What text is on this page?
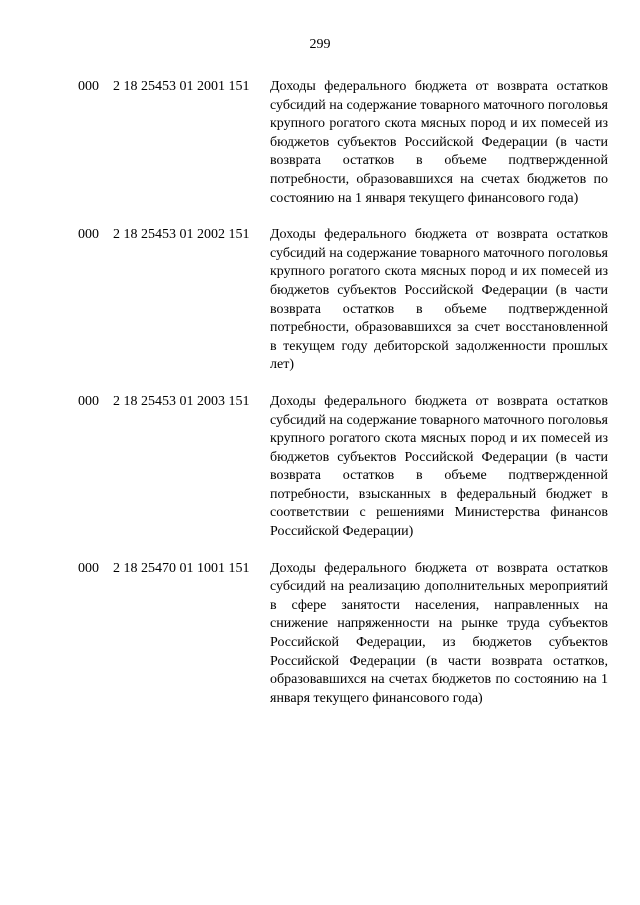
299
000 2 18 25453 01 2001 151 Доходы федерального бюджета от возврата остатков субсидий на содержание товарного маточного поголовья крупного рогатого скота мясных пород и их помесей из бюджетов субъектов Российской Федерации (в части возврата остатков в объеме подтвержденной потребности, образовавшихся на счетах бюджетов по состоянию на 1 января текущего финансового года)
000 2 18 25453 01 2002 151 Доходы федерального бюджета от возврата остатков субсидий на содержание товарного маточного поголовья крупного рогатого скота мясных пород и их помесей из бюджетов субъектов Российской Федерации (в части возврата остатков в объеме подтвержденной потребности, образовавшихся за счет восстановленной в текущем году дебиторской задолженности прошлых лет)
000 2 18 25453 01 2003 151 Доходы федерального бюджета от возврата остатков субсидий на содержание товарного маточного поголовья крупного рогатого скота мясных пород и их помесей из бюджетов субъектов Российской Федерации (в части возврата остатков в объеме подтвержденной потребности, взысканных в федеральный бюджет в соответствии с решениями Министерства финансов Российской Федерации)
000 2 18 25470 01 1001 151 Доходы федерального бюджета от возврата остатков субсидий на реализацию дополнительных мероприятий в сфере занятости населения, направленных на снижение напряженности на рынке труда субъектов Российской Федерации, из бюджетов субъектов Российской Федерации (в части возврата остатков, образовавшихся на счетах бюджетов по состоянию на 1 января текущего финансового года)
